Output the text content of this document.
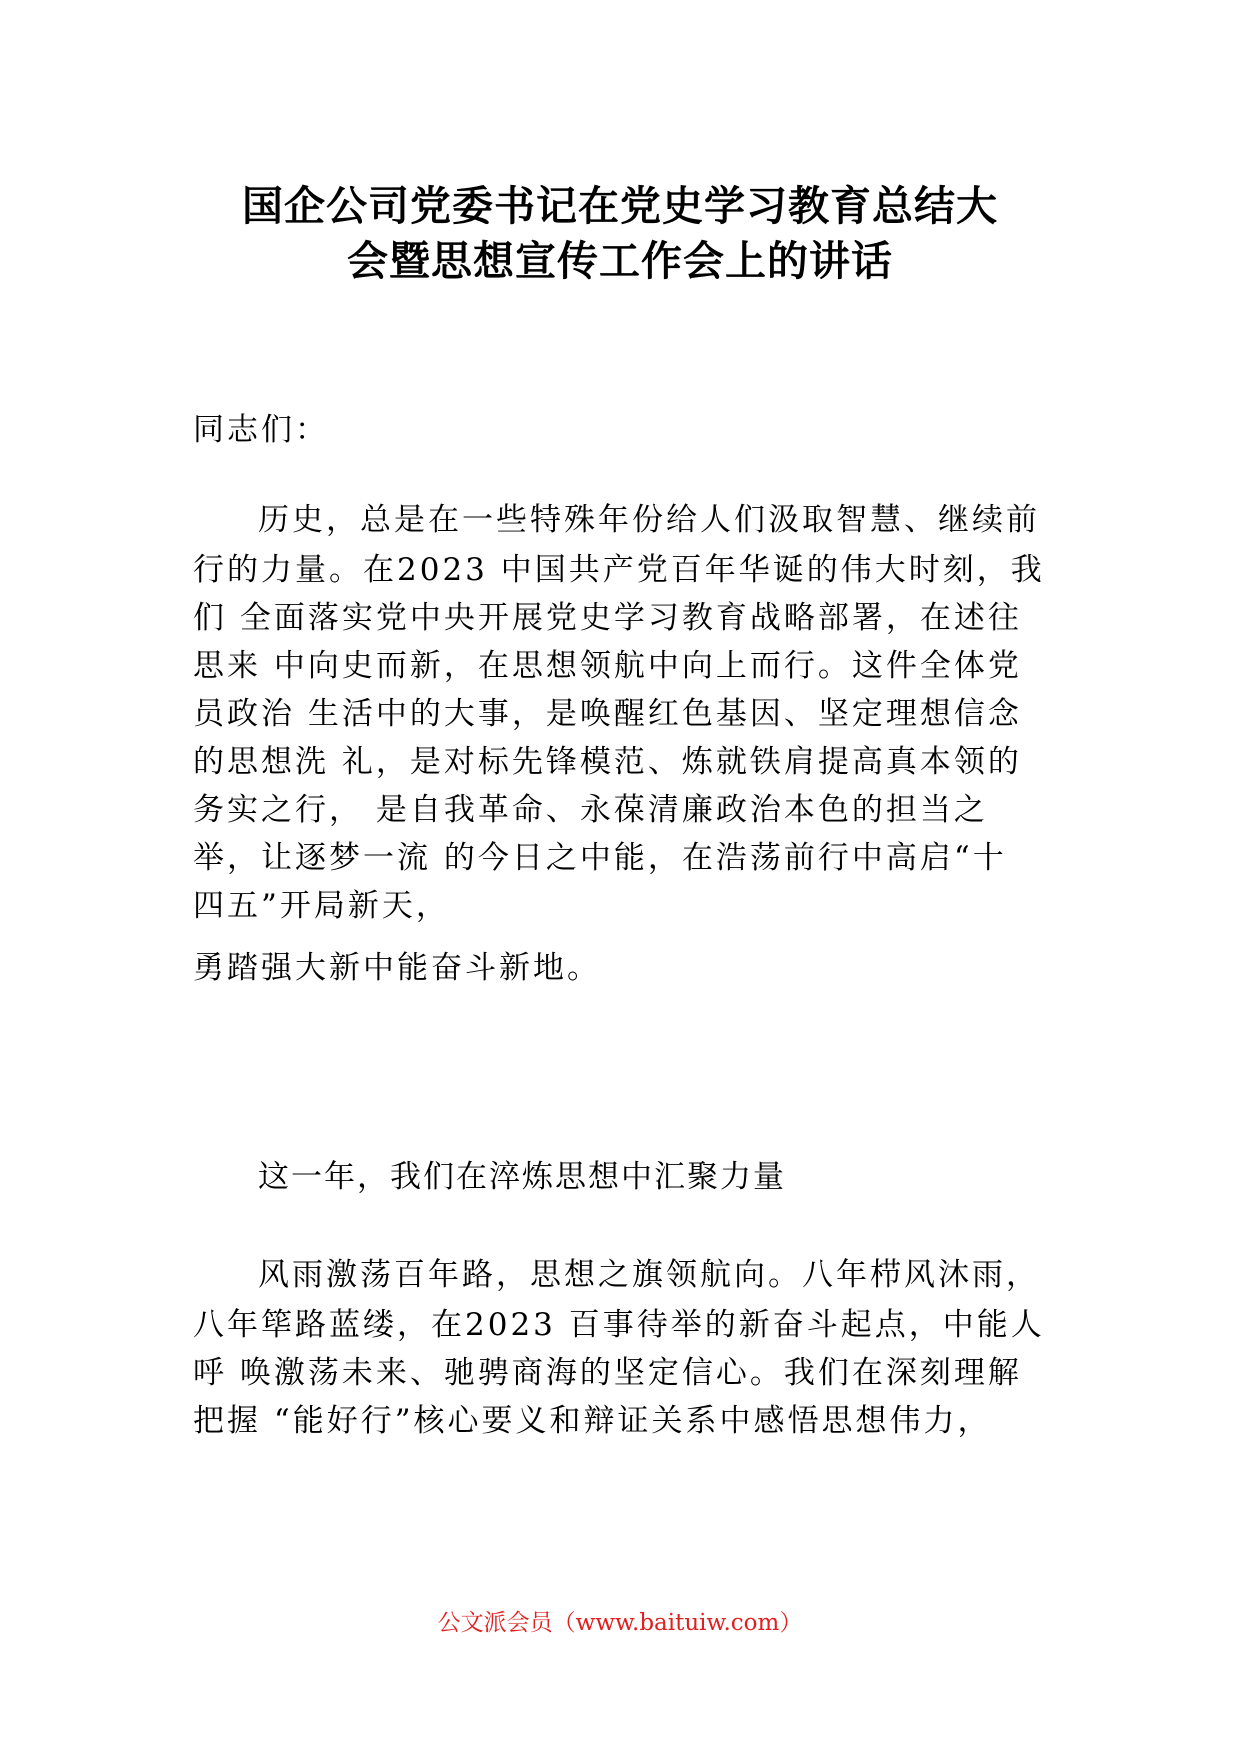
国企公司党委书记在党史学习教育总结大
会暨思想宣传工作会上的讲话

同志们：

历史，总是在一些特殊年份给人们汲取智慧、继续前

行的力量。在2023 中国共产党百年华诞的伟大时刻，我

们 全面落实党中央开展党史学习教育战略部署，在述往

思来 中向史而新，在思想领航中向上而行。这件全体党

员政治 生活中的大事，是唤醒红色基因、坚定理想信念

的思想洗 礼，是对标先锋模范、炼就铁肩提高真本领的

务实之行， 是自我革命、永葆清廉政治本色的担当之

举，让逐梦一流 的今日之中能，在浩荡前行中高启“十

四五”开局新天，

勇踏强大新中能奋斗新地。

这一年，我们在淬炼思想中汇聚力量

风雨激荡百年路，思想之旗领航向。八年栉风沐雨，

八年筚路蓝缕，在2023 百事待举的新奋斗起点，中能人

呼 唤激荡未来、驰骋商海的坚定信心。我们在深刻理解

把握 “能好行”核心要义和辩证关系中感悟思想伟力，

公文派会员（www.baituiw.com）
